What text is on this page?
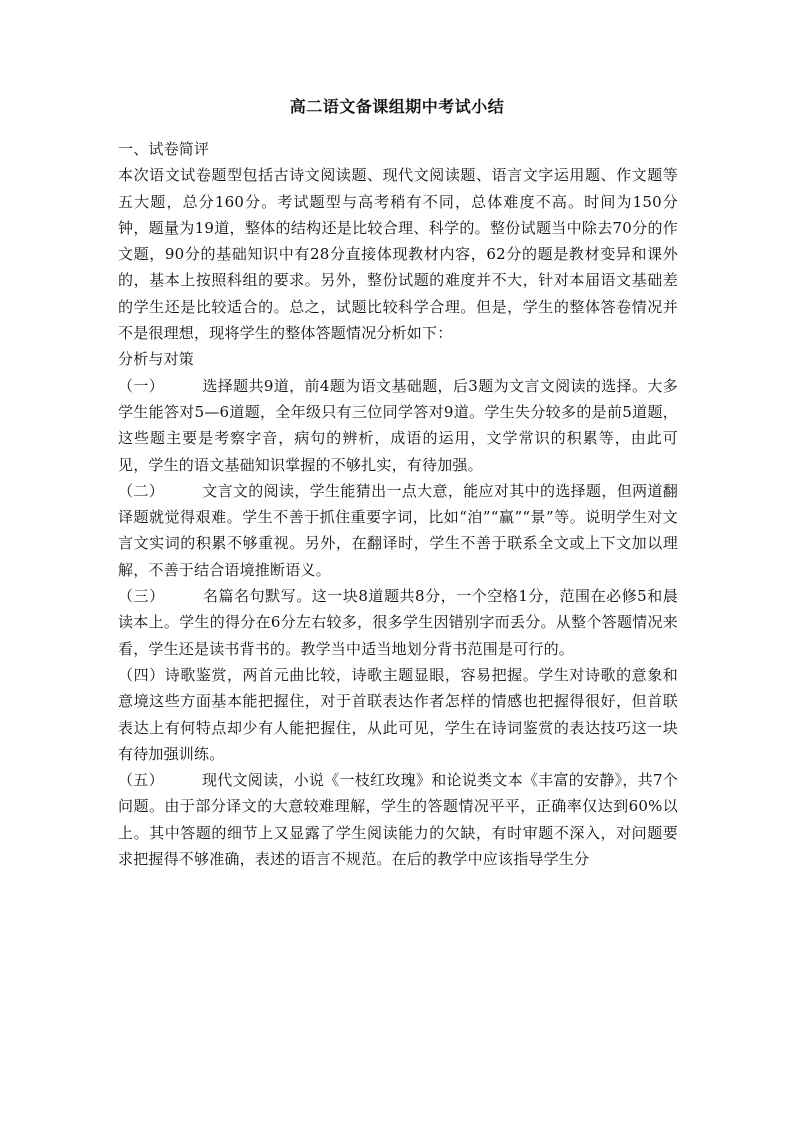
高二语文备课组期中考试小结

一、试卷简评

本次语文试卷题型包括古诗文阅读题、现代文阅读题、语言文字运用题、作文题等五大题，总分160分。考试题型与高考稍有不同，总体难度不高。时间为150分钟，题量为19道，整体的结构还是比较合理、科学的。整份试题当中除去70分的作文题，90分的基础知识中有28分直接体现教材内容，62分的题是教材变异和课外的，基本上按照科组的要求。另外，整份试题的难度并不大，针对本届语文基础差的学生还是比较适合的。总之，试题比较科学合理。但是，学生的整体答卷情况并不是很理想，现将学生的整体答题情况分析如下：

分析与对策

（一）	选择题共9道，前4题为语文基础题，后3题为文言文阅读的选择。大多学生能答对5—6道题，全年级只有三位同学答对9道。学生失分较多的是前5道题，这些题主要是考察字音，病句的辨析，成语的运用，文学常识的积累等，由此可见，学生的语文基础知识掌握的不够扎实，有待加强。

（二）	文言文的阅读，学生能猜出一点大意，能应对其中的选择题，但两道翻译题就觉得艰难。学生不善于抓住重要字词，比如“洎”“赢”“景”等。说明学生对文言文实词的积累不够重视。另外，在翻译时，学生不善于联系全文或上下文加以理解，不善于结合语境推断语义。

（三）	名篇名句默写。这一块8道题共8分，一个空格1分，范围在必修5和晨读本上。学生的得分在6分左右较多，很多学生因错别字而丢分。从整个答题情况来看，学生还是读书背书的。教学当中适当地划分背书范围是可行的。

（四）诗歌鉴赏，两首元曲比较，诗歌主题显眼，容易把握。学生对诗歌的意象和意境这些方面基本能把握住，对于首联表达作者怎样的情感也把握得很好，但首联表达上有何特点却少有人能把握住，从此可见，学生在诗词鉴赏的表达技巧这一块有待加强训练。

（五）	现代文阅读，小说《一枝红玫瑰》和论说类文本《丰富的安静》，共7个问题。由于部分译文的大意较难理解，学生的答题情况平平，正确率仅达到60%以上。其中答题的细节上又显露了学生阅读能力的欠缺，有时审题不深入，对问题要求把握得不够准确，表述的语言不规范。在后的教学中应该指导学生分
